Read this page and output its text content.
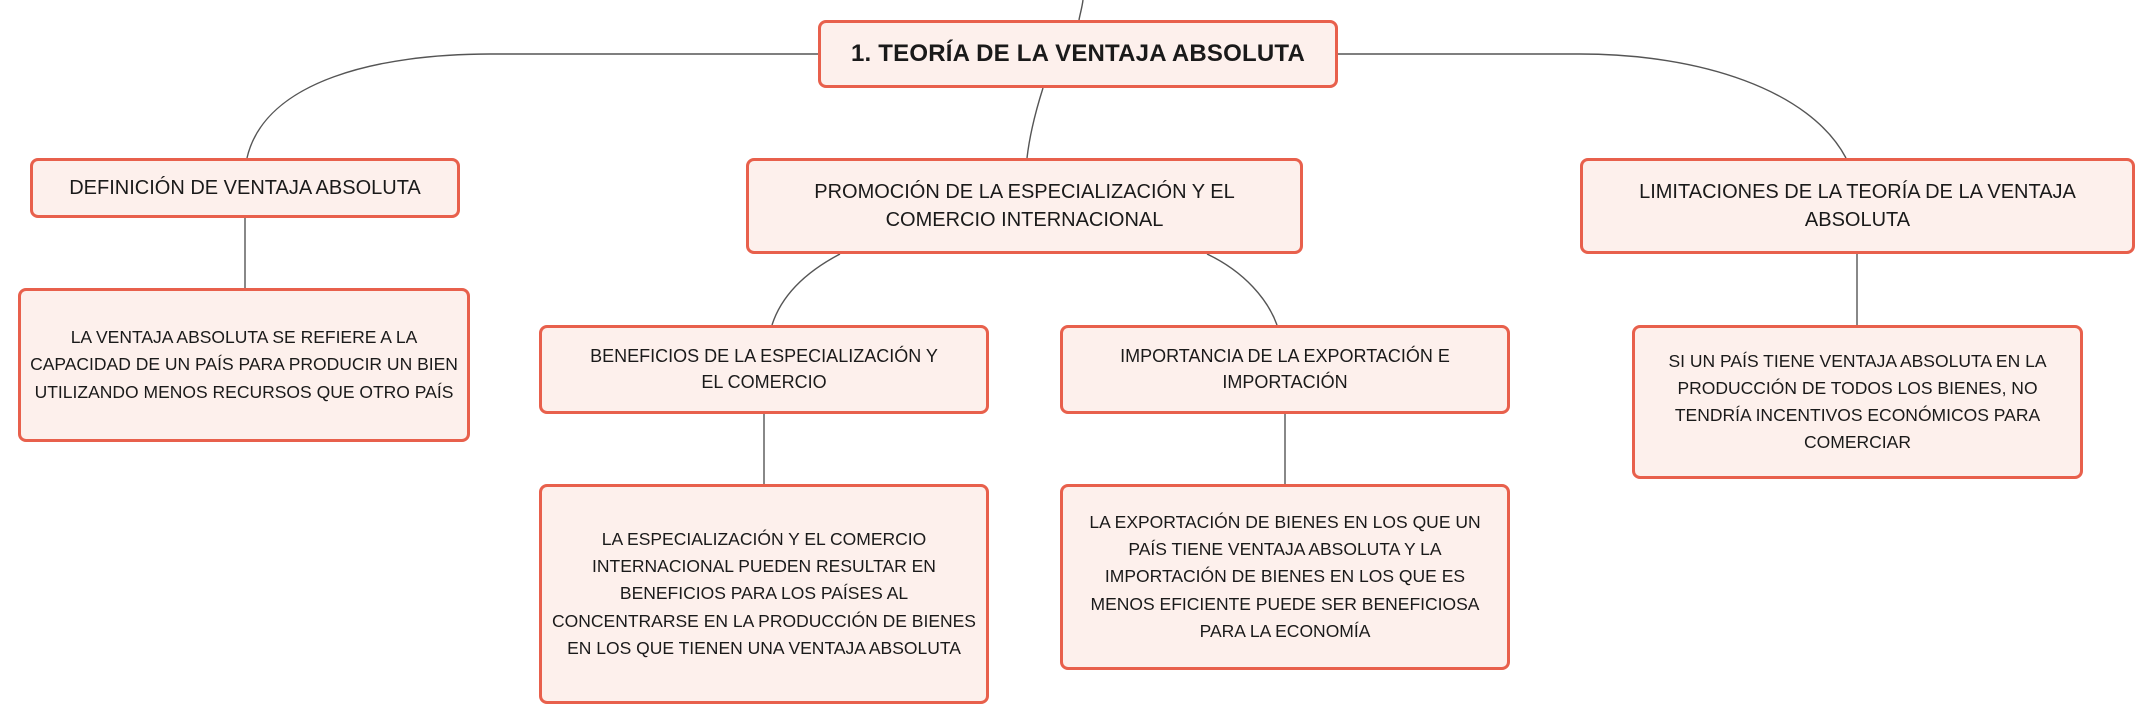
1. TEORÍA DE LA VENTAJA ABSOLUTA
DEFINICIÓN DE VENTAJA ABSOLUTA	PROMOCIÓN DE LA ESPECIALIZACIÓN Y EL COMERCIO INTERNACIONAL
LIMITACIONES DE LA TEORÍA DE LA VENTAJA ABSOLUTA
LA VENTAJA ABSOLUTA SE REFIERE A LA CAPACIDAD DE UN PAÍS PARA PRODUCIR UN BIEN UTILIZANDO MENOS RECURSOS QUE OTRO PAÍS
BENEFICIOS DE LA ESPECIALIZACIÓN Y EL COMERCIO
IMPORTANCIA DE LA EXPORTACIÓN E IMPORTACIÓN
SI UN PAÍS TIENE VENTAJA ABSOLUTA EN LA PRODUCCIÓN DE TODOS LOS BIENES, NO TENDRÍA INCENTIVOS ECONÓMICOS PARA COMERCIAR
LA ESPECIALIZACIÓN Y EL COMERCIO INTERNACIONAL PUEDEN RESULTAR EN BENEFICIOS PARA LOS PAÍSES AL CONCENTRARSE EN LA PRODUCCIÓN DE BIENES EN LOS QUE TIENEN UNA VENTAJA ABSOLUTA
LA EXPORTACIÓN DE BIENES EN LOS QUE UN PAÍS TIENE VENTAJA ABSOLUTA Y LA IMPORTACIÓN DE BIENES EN LOS QUE ES MENOS EFICIENTE PUEDE SER BENEFICIOSA PARA LA ECONOMÍA
